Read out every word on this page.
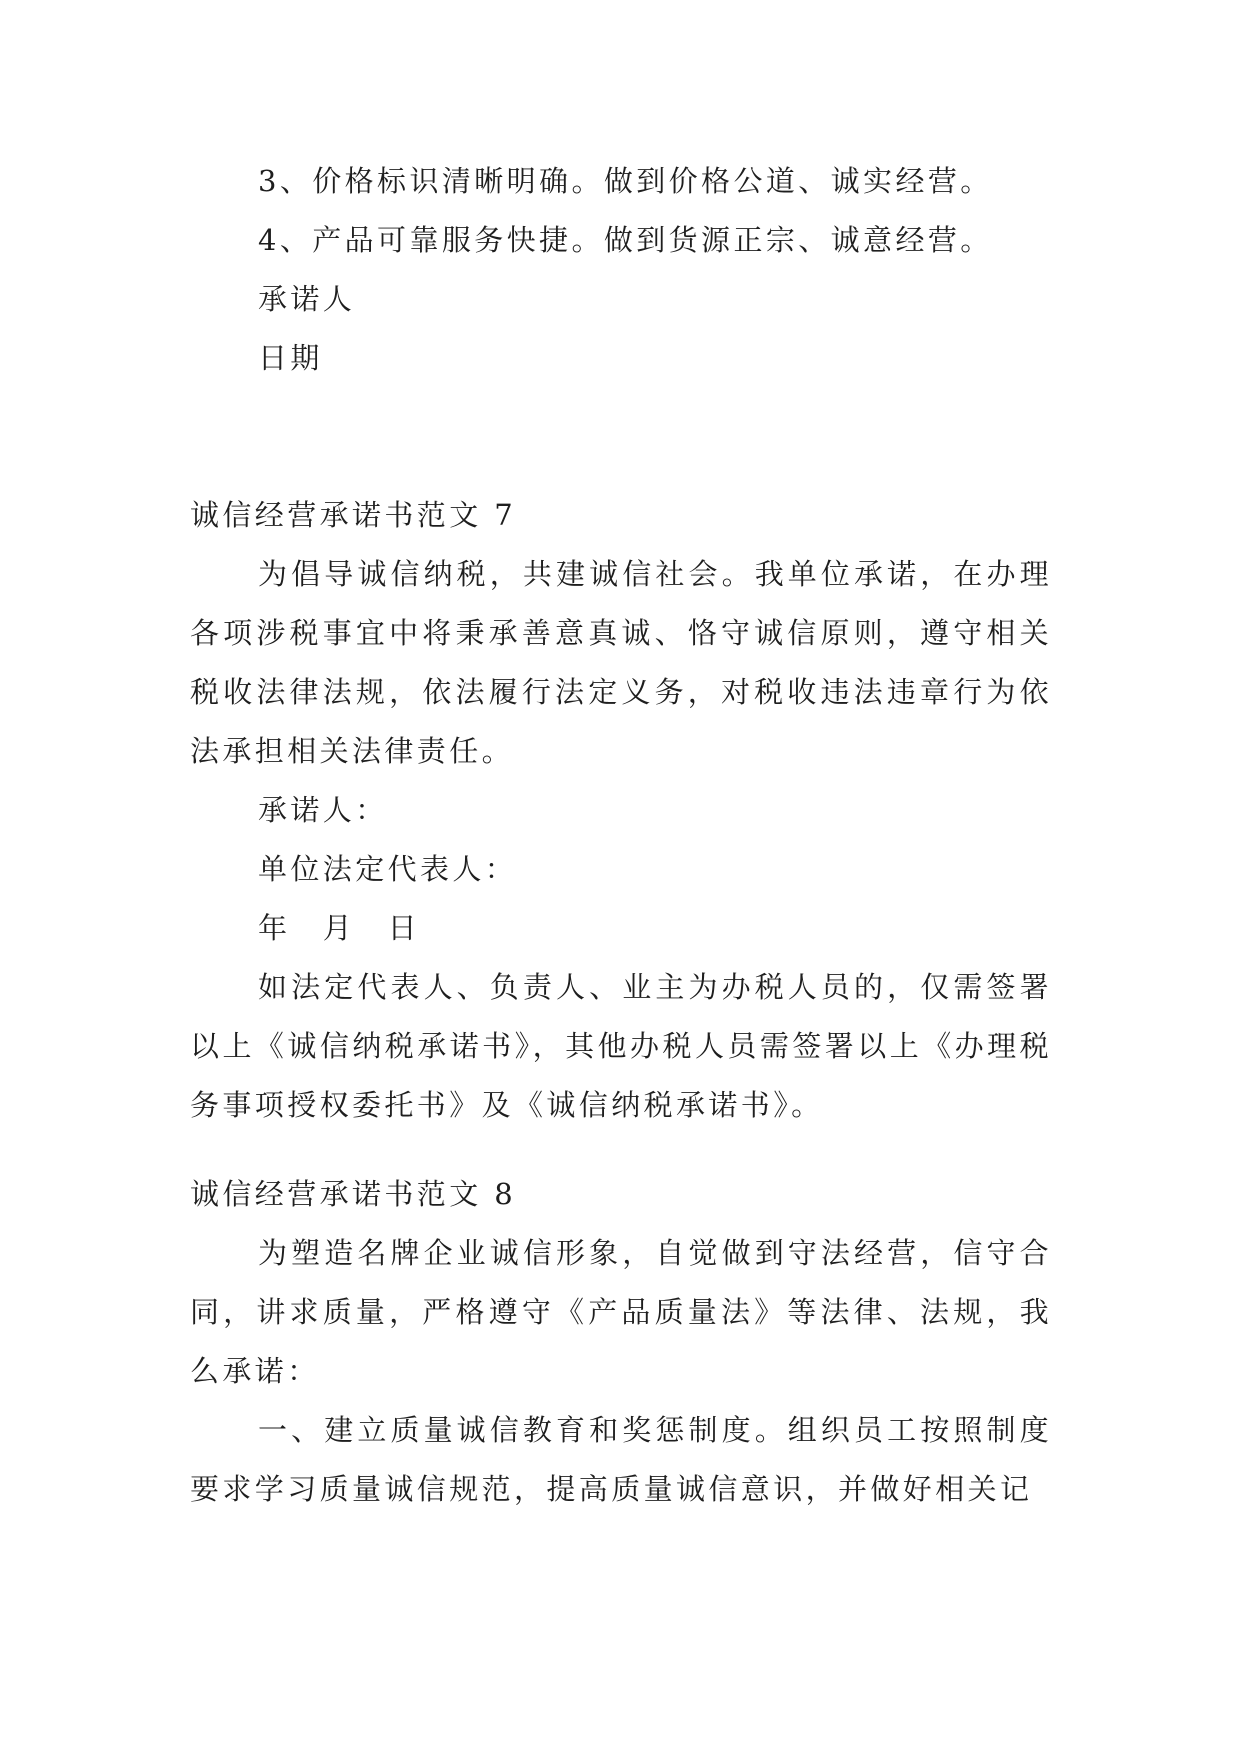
3、价格标识清晰明确。做到价格公道、诚实经营。
4、产品可靠服务快捷。做到货源正宗、诚意经营。
承诺人
日期
诚信经营承诺书范文 7
为倡导诚信纳税，共建诚信社会。我单位承诺，在办理各项涉税事宜中将秉承善意真诚、恪守诚信原则，遵守相关税收法律法规，依法履行法定义务，对税收违法违章行为依法承担相关法律责任。
承诺人：
单位法定代表人：
年　月　日
如法定代表人、负责人、业主为办税人员的，仅需签署以上《诚信纳税承诺书》，其他办税人员需签署以上《办理税务事项授权委托书》及《诚信纳税承诺书》。
诚信经营承诺书范文 8
为塑造名牌企业诚信形象，自觉做到守法经营，信守合同，讲求质量，严格遵守《产品质量法》等法律、法规，我么承诺：
一、建立质量诚信教育和奖惩制度。组织员工按照制度要求学习质量诚信规范，提高质量诚信意识，并做好相关记
